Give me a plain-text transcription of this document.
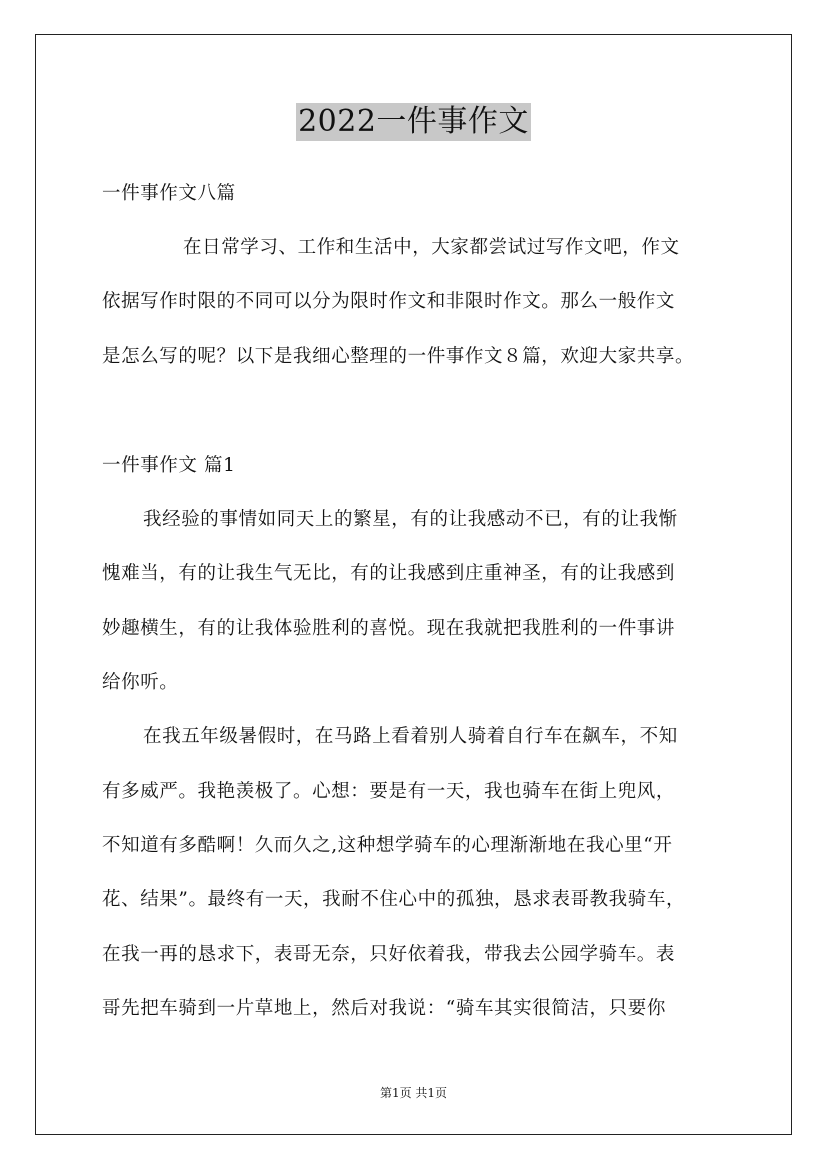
2022一件事作文
一件事作文八篇
在日常学习、工作和生活中，大家都尝试过写作文吧，作文
依据写作时限的不同可以分为限时作文和非限时作文。那么一般作文
是怎么写的呢？以下是我细心整理的一件事作文８篇，欢迎大家共享。
一件事作文 篇1
我经验的事情如同天上的繁星，有的让我感动不已，有的让我惭
愧难当，有的让我生气无比，有的让我感到庄重神圣，有的让我感到
妙趣横生，有的让我体验胜利的喜悦。现在我就把我胜利的一件事讲
给你听。
在我五年级暑假时，在马路上看着别人骑着自行车在飙车，不知
有多威严。我艳羡极了。心想：要是有一天，我也骑车在街上兜风，
不知道有多酷啊！久而久之,这种想学骑车的心理渐渐地在我心里“开
花、结果”。最终有一天，我耐不住心中的孤独，恳求表哥教我骑车，
在我一再的恳求下，表哥无奈，只好依着我，带我去公园学骑车。表
哥先把车骑到一片草地上，然后对我说：“骑车其实很简洁，只要你
第1页 共1页
